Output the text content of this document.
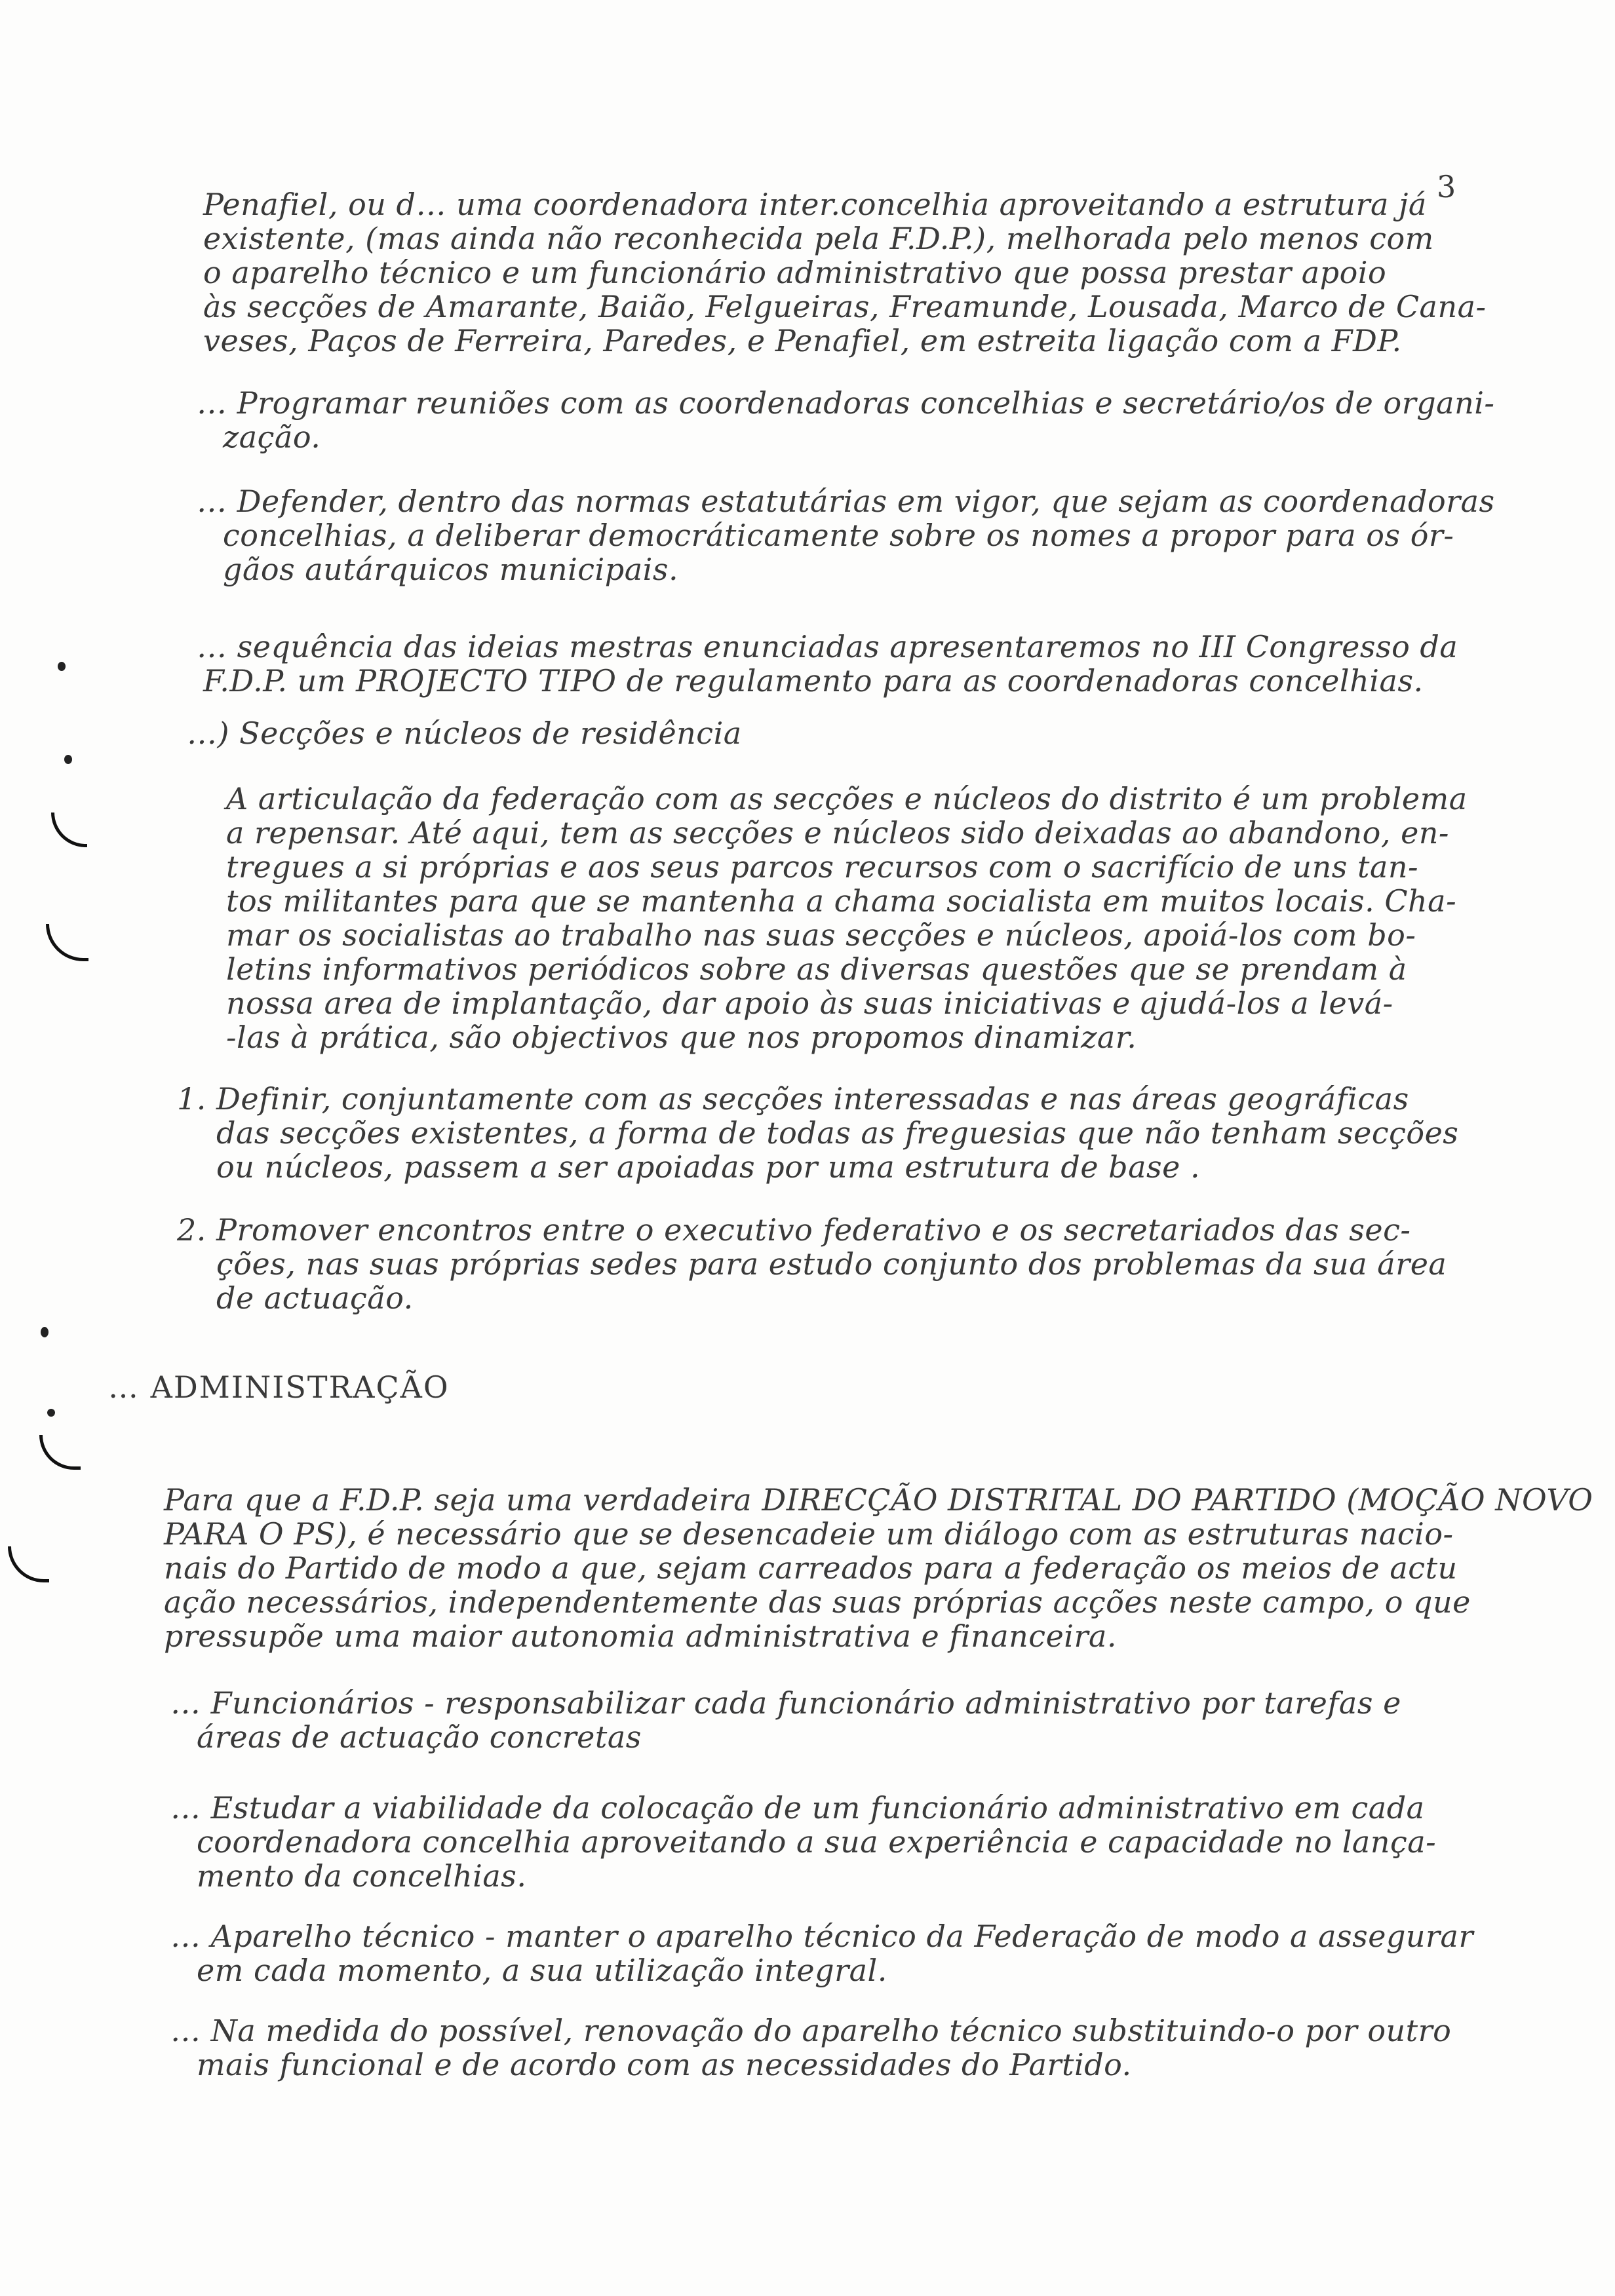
3
Penafiel, ou d… uma coordenadora inter.concelhia aproveitando a estrutura já
existente, (mas ainda não reconhecida pela F.D.P.), melhorada pelo menos com
o aparelho técnico e um funcionário administrativo que possa prestar apoio
às secções de Amarante, Baião, Felgueiras, Freamunde, Lousada, Marco de Cana-
veses, Paços de Ferreira, Paredes, e Penafiel, em estreita ligação com a FDP.
… Programar reuniões com as coordenadoras concelhias e secretário/os de organi-
zação.
… Defender, dentro das normas estatutárias em vigor, que sejam as coordenadoras
concelhias, a deliberar democráticamente sobre os nomes a propor para os ór-
gãos autárquicos municipais.
… sequência das ideias mestras enunciadas apresentaremos no III Congresso da
F.D.P. um PROJECTO TIPO de regulamento para as coordenadoras concelhias.
…) Secções e núcleos de residência
A articulação da federação com as secções e núcleos do distrito é um problema
a repensar. Até aqui, tem as secções e núcleos sido deixadas ao abandono, en-
tregues a si próprias e aos seus parcos recursos com o sacrifício de uns tan-
tos militantes para que se mantenha a chama socialista em muitos locais. Cha-
mar os socialistas ao trabalho nas suas secções e núcleos, apoiá-los com bo-
letins informativos periódicos sobre as diversas questões que se prendam à
nossa area de implantação, dar apoio às suas iniciativas e ajudá-los a levá-
-las à prática, são objectivos que nos propomos dinamizar.
1. Definir, conjuntamente com as secções interessadas e nas áreas geográficas
das secções existentes, a forma de todas as freguesias que não tenham secções
ou núcleos, passem a ser apoiadas por uma estrutura de base .
2. Promover encontros entre o executivo federativo e os secretariados das sec-
ções, nas suas próprias sedes para estudo conjunto dos problemas da sua área
de actuação.
… ADMINISTRAÇÃO
Para que a F.D.P. seja uma verdadeira DIRECÇÃO DISTRITAL DO PARTIDO (MOÇÃO NOVO
PARA O PS), é necessário que se desencadeie um diálogo com as estruturas nacio-
nais do Partido de modo a que, sejam carreados para a federação os meios de actu
ação necessários, independentemente das suas próprias acções neste campo, o que
pressupõe uma maior autonomia administrativa e financeira.
… Funcionários - responsabilizar cada funcionário administrativo por tarefas e
áreas de actuação concretas
… Estudar a viabilidade da colocação de um funcionário administrativo em cada
coordenadora concelhia aproveitando a sua experiência e capacidade no lança-
mento da concelhias.
… Aparelho técnico - manter o aparelho técnico da Federação de modo a assegurar
em cada momento, a sua utilização integral.
… Na medida do possível, renovação do aparelho técnico substituindo-o por outro
mais funcional e de acordo com as necessidades do Partido.
